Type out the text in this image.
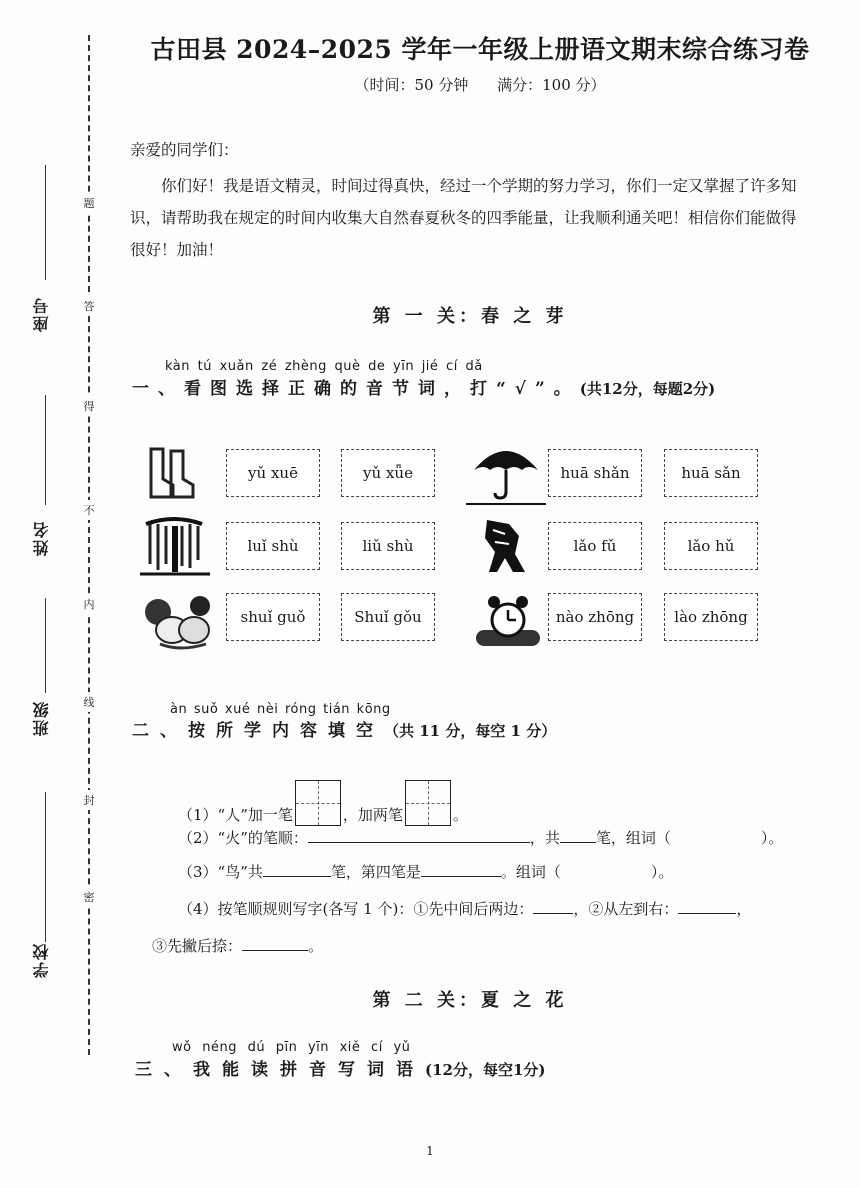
题
答
得
不
内
线
封
密
座号
姓名
班级
学校
古田县 2024–2025 学年一年级上册语文期末综合练习卷
（时间：50 分钟 满分：100 分）
亲爱的同学们：
你们好！我是语文精灵，时间过得真快，经过一个学期的努力学习，你们一定又掌握了许多知识，请帮助我在规定的时间内收集大自然春夏秋冬的四季能量，让我顺利通关吧！相信你们能做得很好！加油！
第 一 关：春 之 芽
kàn tú xuǎn zé zhèng què de yīn jié cí dǎ
一、看图选择正确的音节词，打“√”。(共12分，每题2分)
yǔ xuē	yǔ xǖe	huā shǎn	huā sǎn
luǐ shù	liǔ shù	lǎo fǔ	lǎo hǔ
shuǐ guǒ	Shuǐ gǒu	nào zhōng	lào zhōng
àn suǒ xué nèi róng tián kōng
二、按所学内容填空（共 11 分，每空 1 分）
（1）“人”加一笔	，加两笔	。
（2）“火”的笔顺：	，共 笔，组词（	）。
（3）“鸟”共	笔，第四笔是	。组词（	）。
（4）按笔顺规则写字(各写 1 个)：①先中间后两边：	，②从左到右：	，
③先撇后捺：	。
第 二 关：夏 之 花
wǒ néng dú pīn yīn xiě cí yǔ
三、我能读拼音写词语(12分，每空1分)
1
